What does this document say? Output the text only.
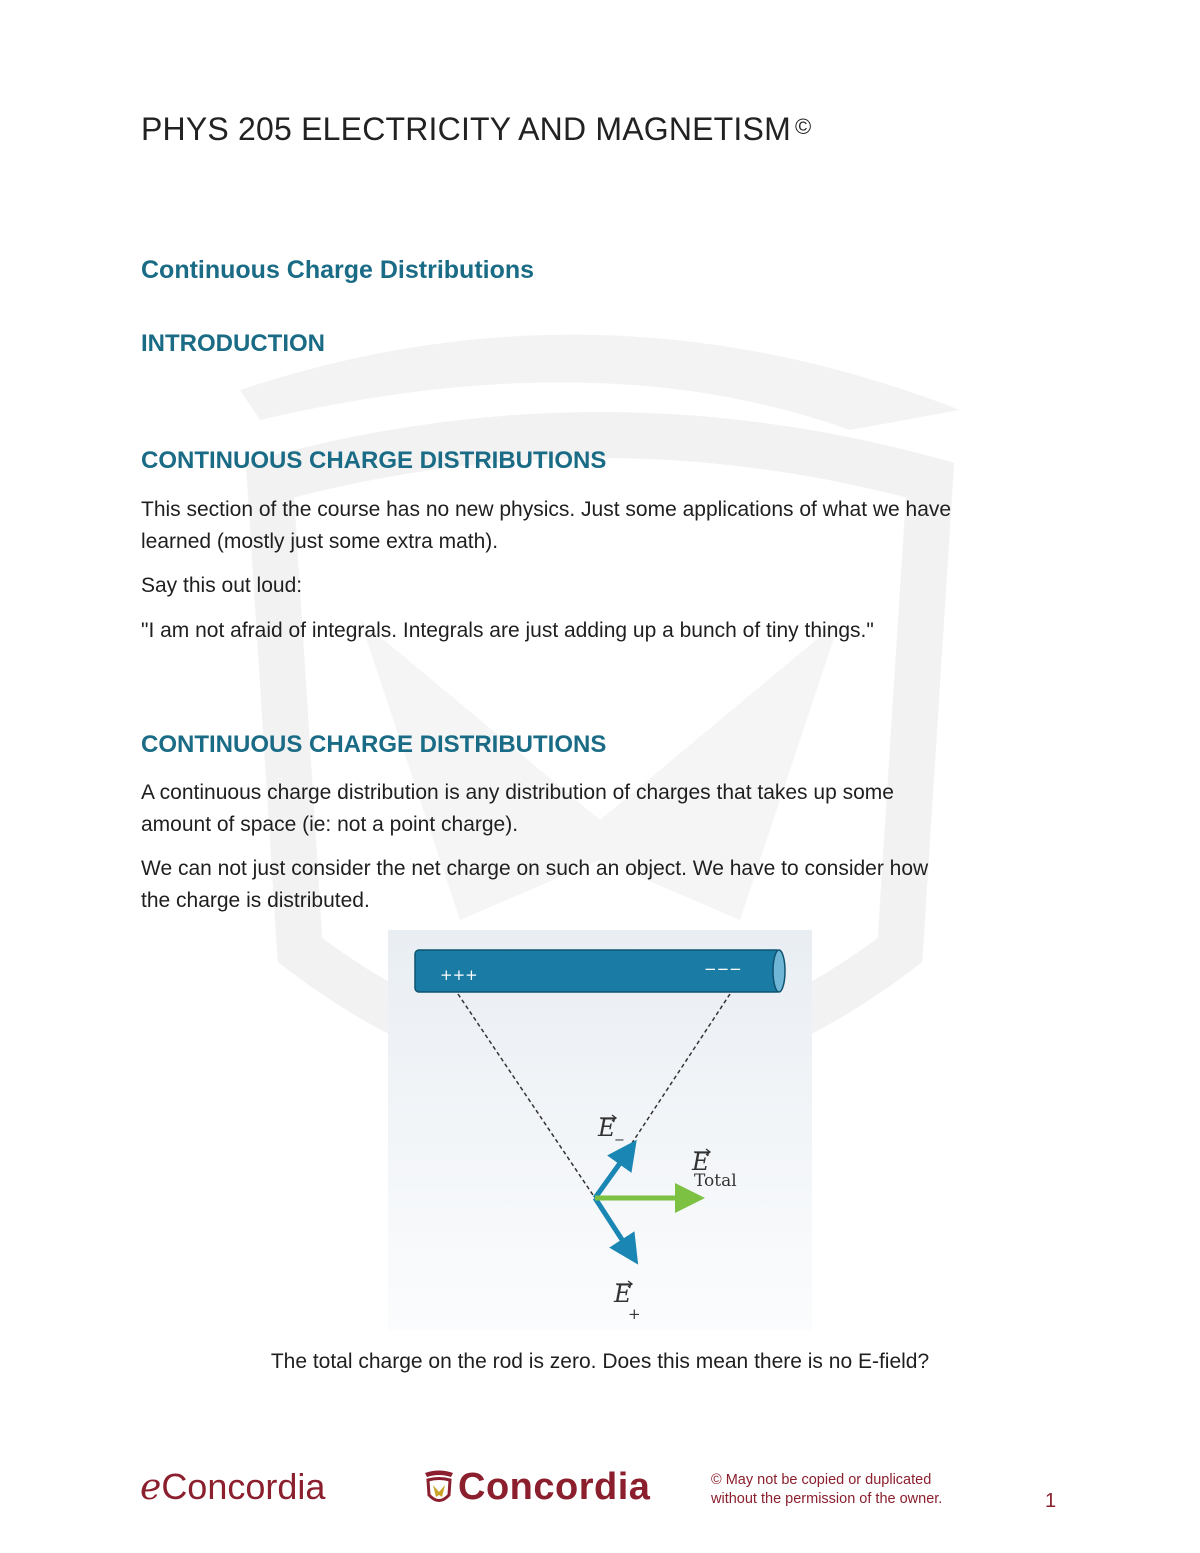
PHYS 205 ELECTRICITY AND MAGNETISM ©
Continuous Charge Distributions
INTRODUCTION
CONTINUOUS CHARGE DISTRIBUTIONS
This section of the course has no new physics. Just some applications of what we have
learned (mostly just some extra math).
Say this out loud:
"I am not afraid of integrals. Integrals are just adding up a bunch of tiny things."
CONTINUOUS CHARGE DISTRIBUTIONS
A continuous charge distribution is any distribution of charges that takes up some
amount of space (ie: not a point charge).
We can not just consider the net charge on such an object. We have to consider how
the charge is distributed.
+++	−−−
E
−
E
Total
E
+
The total charge on the rod is zero. Does this mean there is no E-field?
eConcordia	Concordia	© May not be copied or duplicated
without the permission of the owner.	1
